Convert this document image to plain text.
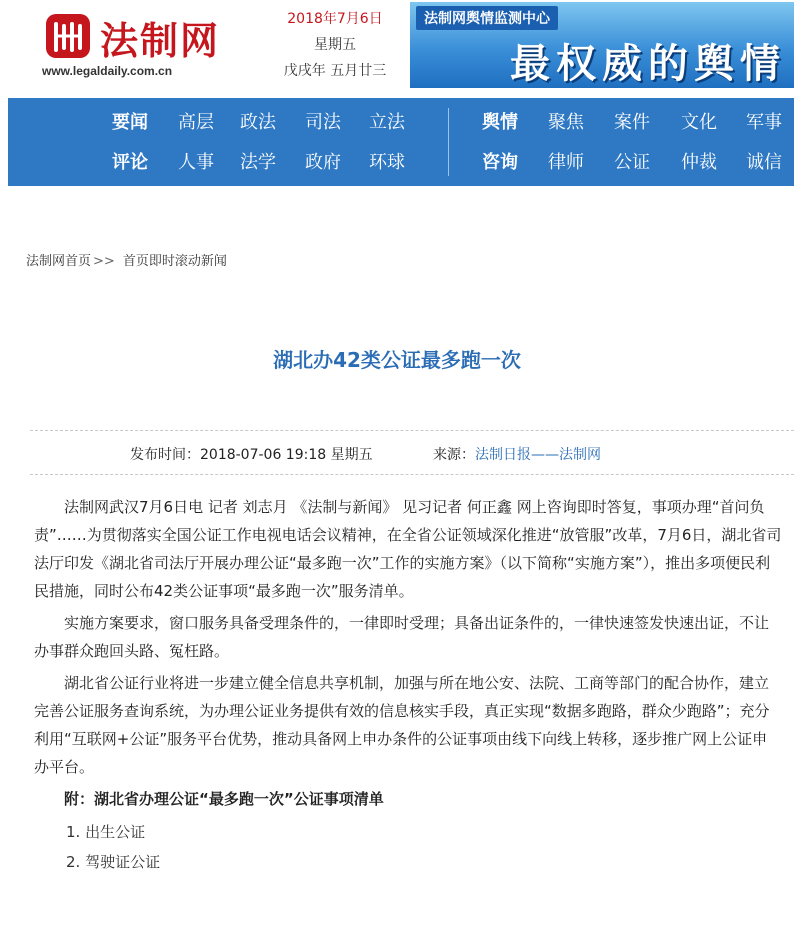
法制网
www.legaldaily.com.cn
2018年7月6日
星期五
戊戌年 五月廿三
法制网舆情监测中心
最权威的舆情
要闻 高层 政法 司法 立法	舆情 聚焦 案件 文化 军事
评论 人事 法学 政府 环球	咨询 律师 公证 仲裁 诚信
法制网首页 >> 首页即时滚动新闻
湖北办42类公证最多跑一次
发布时间：2018-07-06 19:18 星期五	来源：法制日报——法制网

法制网武汉7月6日电 记者 刘志月 《法制与新闻》 见习记者 何正鑫 网上咨询即时答复，事项办理“首问负责”……为贯彻落实全国公证工作电视电话会议精神，在全省公证领域深化推进“放管服”改革，7月6日，湖北省司法厅印发《湖北省司法厅开展办理公证“最多跑一次”工作的实施方案》（以下简称“实施方案”），推出多项便民利民措施，同时公布42类公证事项“最多跑一次”服务清单。

实施方案要求，窗口服务具备受理条件的，一律即时受理；具备出证条件的，一律快速签发快速出证，不让办事群众跑回头路、冤枉路。

湖北省公证行业将进一步建立健全信息共享机制，加强与所在地公安、法院、工商等部门的配合协作，建立完善公证服务查询系统，为办理公证业务提供有效的信息核实手段，真正实现“数据多跑路，群众少跑路”；充分利用“互联网+公证”服务平台优势，推动具备网上申办条件的公证事项由线下向线上转移，逐步推广网上公证申办平台。

附：湖北省办理公证“最多跑一次”公证事项清单

1. 出生公证

2. 驾驶证公证
